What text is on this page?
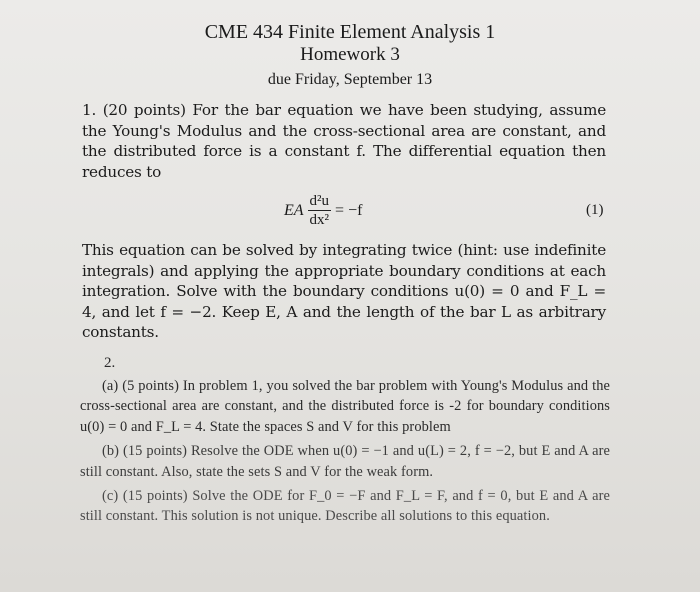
CME 434 Finite Element Analysis 1

Homework 3

due Friday, September 13
1. (20 points) For the bar equation we have been studying, assume the Young's Modulus and the cross-sectional area are constant, and the distributed force is a constant f. The differential equation then reduces to
EA $\frac{\text{d²u}}{\text{dx²}} = -f$	(1)
This equation can be solved by integrating twice (hint: use indefinite integrals) and applying the appropriate boundary conditions at each integration. Solve with the boundary conditions u(0) = 0 and F_L = 4, and let f = −2. Keep E, A and the length of the bar L as arbitrary constants.
2.

(a) (5 points) In problem 1, you solved the bar problem with Young's Modulus and the cross-sectional area are constant, and the distributed force is -2 for boundary conditions u(0) = 0 and F_L = 4. State the spaces S and V for this problem

(b) (15 points) Resolve the ODE when u(0) = −1 and u(L) = 2, f = −2, but E and A are still constant. Also, state the sets S and V for the weak form.

(c) (15 points) Solve the ODE for F_0 = −F and F_L = F, and f = 0, but E and A are still constant. This solution is not unique. Describe all solutions to this equation.
